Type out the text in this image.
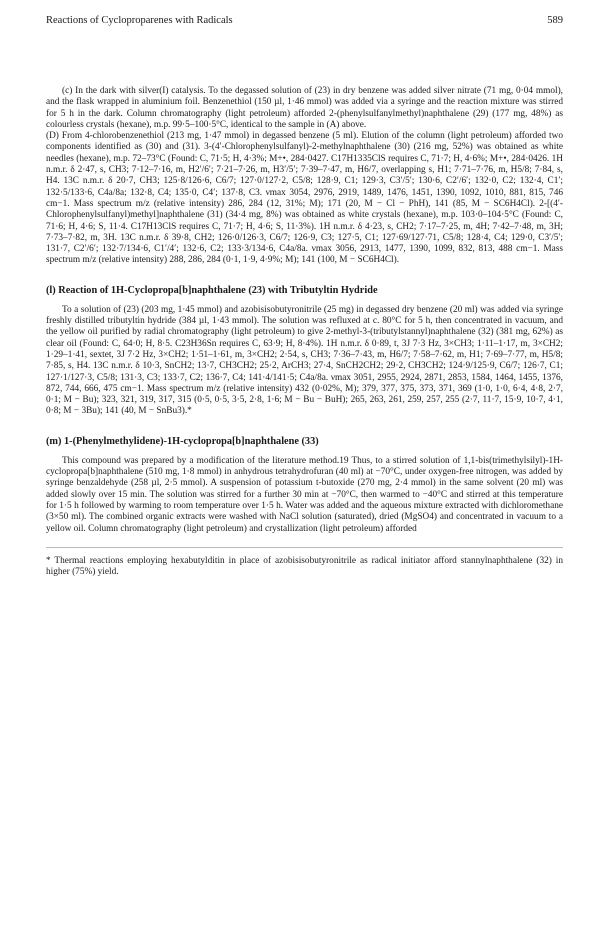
Reactions of Cycloproparenes with Radicals	589

(c) In the dark with silver(I) catalysis. To the degassed solution of (23) in dry benzene was added silver nitrate (71 mg, 0·04 mmol), and the flask wrapped in aluminium foil. Benzenethiol (150 µl, 1·46 mmol) was added via a syringe and the reaction mixture was stirred for 5 h in the dark. Column chromatography (light petroleum) afforded 2-(phenylsulfanylmethyl)naphthalene (29) (177 mg, 48%) as colourless crystals (hexane), m.p. 99·5–100·5°C, identical to the sample in (A) above.

(D) From 4-chlorobenzenethiol (213 mg, 1·47 mmol) in degassed benzene (5 ml). Elution of the column (light petroleum) afforded two components identified as (30) and (31). 3-(4′-Chlorophenylsulfanyl)-2-methylnaphthalene (30) (216 mg, 52%) was obtained as white needles (hexane), m.p. 72–73°C (Found: C, 71·5; H, 4·3%; M+•, 284·0427. C17H1335ClS requires C, 71·7; H, 4·6%; M+•, 284·0426. 1H n.m.r. δ 2·47, s, CH3; 7·12–7·16, m, H2′/6′; 7·21–7·26, m, H3′/5′; 7·39–7·47, m, H6/7, overlapping s, H1; 7·71–7·76, m, H5/8; 7·84, s, H4. 13C n.m.r. δ 20·7, CH3; 125·8/126·6, C6/7; 127·0/127·2, C5/8; 128·9, C1; 129·3, C3′/5′; 130·6, C2′/6′; 132·0, C2; 132·4, C1′; 132·5/133·6, C4a/8a; 132·8, C4; 135·0, C4′; 137·8, C3. νmax 3054, 2976, 2919, 1489, 1476, 1451, 1390, 1092, 1010, 881, 815, 746 cm−1. Mass spectrum m/z (relative intensity) 286, 284 (12, 31%; M); 171 (20, M − Cl − PhH), 141 (85, M − SC6H4Cl). 2-[(4′-Chlorophenylsulfanyl)methyl]naphthalene (31) (34·4 mg, 8%) was obtained as white crystals (hexane), m.p. 103·0–104·5°C (Found: C, 71·6; H, 4·6; S, 11·4. C17H13ClS requires C, 71·7; H, 4·6; S, 11·3%). 1H n.m.r. δ 4·23, s, CH2; 7·17–7·25, m, 4H; 7·42–7·48, m, 3H; 7·73–7·82, m, 3H. 13C n.m.r. δ 39·8, CH2; 126·0/126·3, C6/7; 126·9, C3; 127·5, C1; 127·69/127·71, C5/8; 128·4, C4; 129·0, C3′/5′; 131·7, C2′/6′; 132·7/134·6, C1′/4′; 132·6, C2; 133·3/134·6, C4a/8a. νmax 3056, 2913, 1477, 1390, 1099, 832, 813, 488 cm−1. Mass spectrum m/z (relative intensity) 288, 286, 284 (0·1, 1·9, 4·9%; M); 141 (100, M − SC6H4Cl).

(l) Reaction of 1H-Cyclopropa[b]naphthalene (23) with Tributyltin Hydride

To a solution of (23) (203 mg, 1·45 mmol) and azobisisobutyronitrile (25 mg) in degassed dry benzene (20 ml) was added via syringe freshly distilled tributyltin hydride (384 µl, 1·43 mmol). The solution was refluxed at c. 80°C for 5 h, then concentrated in vacuum, and the yellow oil purified by radial chromatography (light petroleum) to give 2-methyl-3-(tributylstannyl)naphthalene (32) (381 mg, 62%) as clear oil (Found: C, 64·0; H, 8·5. C23H36Sn requires C, 63·9; H, 8·4%). 1H n.m.r. δ 0·89, t, 3J 7·3 Hz, 3×CH3; 1·11–1·17, m, 3×CH2; 1·29–1·41, sextet, 3J 7·2 Hz, 3×CH2; 1·51–1·61, m, 3×CH2; 2·54, s, CH3; 7·36–7·43, m, H6/7; 7·58–7·62, m, H1; 7·69–7·77, m, H5/8; 7·85, s, H4. 13C n.m.r. δ 10·3, SnCH2; 13·7, CH3CH2; 25·2, ArCH3; 27·4, SnCH2CH2; 29·2, CH3CH2; 124·9/125·9, C6/7; 126·7, C1; 127·1/127·3, C5/8; 131·3, C3; 133·7, C2; 136·7, C4; 141·4/141·5; C4a/8a. νmax 3051, 2955, 2924, 2871, 2853, 1584, 1464, 1455, 1376, 872, 744, 666, 475 cm−1. Mass spectrum m/z (relative intensity) 432 (0·02%, M); 379, 377, 375, 373, 371, 369 (1·0, 1·0, 6·4, 4·8, 2·7, 0·1; M − Bu); 323, 321, 319, 317, 315 (0·5, 0·5, 3·5, 2·8, 1·6; M − Bu − BuH); 265, 263, 261, 259, 257, 255 (2·7, 11·7, 15·9, 10·7, 4·1, 0·8; M − 3Bu); 141 (40, M − SnBu3).*

(m) 1-(Phenylmethylidene)-1H-cyclopropa[b]naphthalene (33)

This compound was prepared by a modification of the literature method.19 Thus, to a stirred solution of 1,1-bis(trimethylsilyl)-1H-cyclopropa[b]naphthalene (510 mg, 1·8 mmol) in anhydrous tetrahydrofuran (40 ml) at −70°C, under oxygen-free nitrogen, was added by syringe benzaldehyde (258 µl, 2·5 mmol). A suspension of potassium t-butoxide (270 mg, 2·4 mmol) in the same solvent (20 ml) was added slowly over 15 min. The solution was stirred for a further 30 min at −70°C, then warmed to −40°C and stirred at this temperature for 1·5 h followed by warming to room temperature over 1·5 h. Water was added and the aqueous mixture extracted with dichloromethane (3×50 ml). The combined organic extracts were washed with NaCl solution (saturated), dried (MgSO4) and concentrated in vacuum to a yellow oil. Column chromatography (light petroleum) and crystallization (light petroleum) afforded

* Thermal reactions employing hexabutylditin in place of azobisisobutyronitrile as radical initiator afford stannylnaphthalene (32) in higher (75%) yield.
